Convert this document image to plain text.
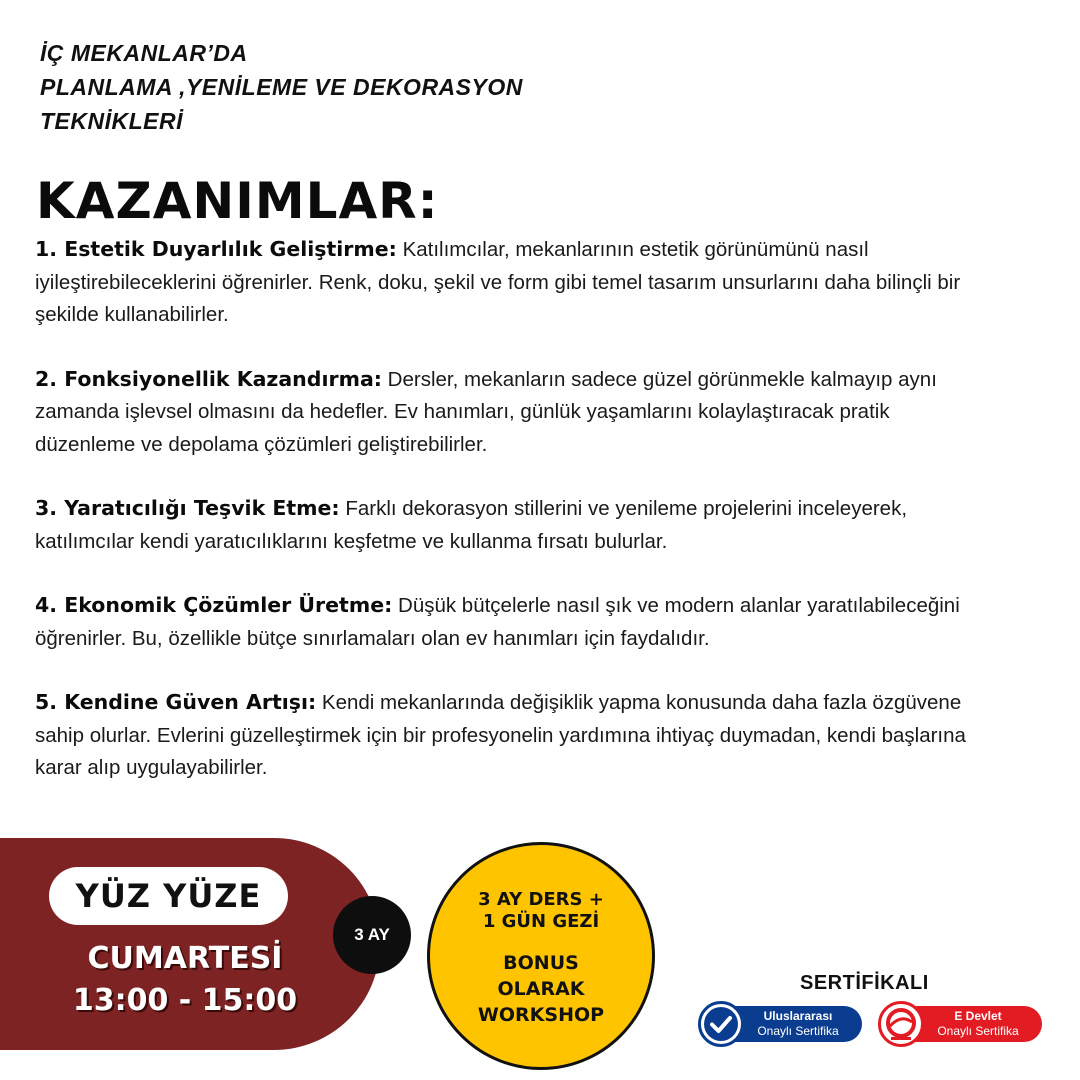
İÇ MEKANLAR’DA
PLANLAMA ,YENİLEME VE DEKORASYON
TEKNİKLERİ
KAZANIMLAR:
1. Estetik Duyarlılık Geliştirme: Katılımcılar, mekanlarının estetik görünümünü nasıl iyileştirebileceklerini öğrenirler. Renk, doku, şekil ve form gibi temel tasarım unsurlarını daha bilinçli bir şekilde kullanabilirler.
2. Fonksiyonellik Kazandırma: Dersler, mekanların sadece güzel görünmekle kalmayıp aynı zamanda işlevsel olmasını da hedefler. Ev hanımları, günlük yaşamlarını kolaylaştıracak pratik düzenleme ve depolama çözümleri geliştirebilirler.
3. Yaratıcılığı Teşvik Etme: Farklı dekorasyon stillerini ve yenileme projelerini inceleyerek, katılımcılar kendi yaratıcılıklarını keşfetme ve kullanma fırsatı bulurlar.
4. Ekonomik Çözümler Üretme: Düşük bütçelerle nasıl şık ve modern alanlar yaratılabileceğini öğrenirler. Bu, özellikle bütçe sınırlamaları olan ev hanımları için faydalıdır.
5. Kendine Güven Artışı: Kendi mekanlarında değişiklik yapma konusunda daha fazla özgüvene sahip olurlar. Evlerini güzelleştirmek için bir profesyonelin yardımına ihtiyaç duymadan, kendi başlarına karar alıp uygulayabilirler.
YÜZ YÜZE
CUMARTESİ
13:00 - 15:00
3 AY
3 AY DERS +
1 GÜN GEZİ
BONUS
OLARAK
WORKSHOP
SERTİFİKALI
Uluslararası
Onaylı Sertifika
E Devlet
Onaylı Sertifika
